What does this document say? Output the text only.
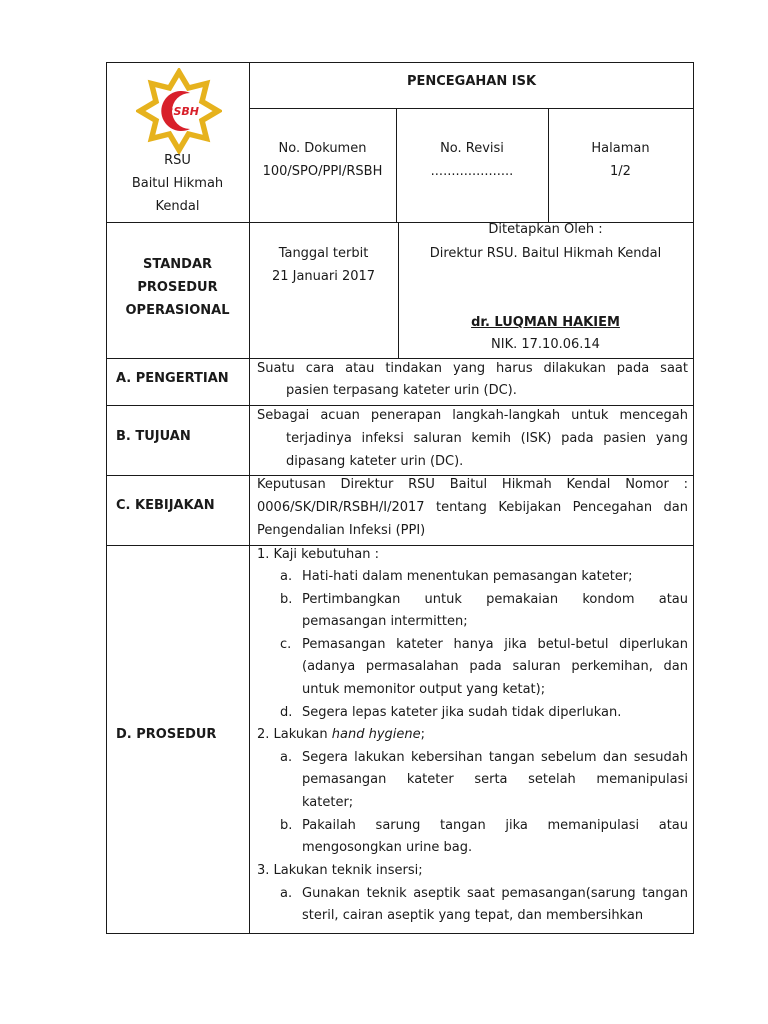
RSBH
RSU
Baitul Hikmah
Kendal
PENCEGAHAN ISK
No. Dokumen
100/SPO/PPI/RSBH
No. Revisi
....................
Halaman
1/2
STANDAR
PROSEDUR
OPERASIONAL
Tanggal terbit
21 Januari 2017
Ditetapkan Oleh :
Direktur RSU. Baitul Hikmah Kendal
dr. LUQMAN HAKIEM
NIK. 17.10.06.14
A. PENGERTIAN
Suatu cara atau tindakan yang harus dilakukan pada saat
pasien terpasang kateter urin (DC).
B. TUJUAN
Sebagai acuan penerapan langkah-langkah untuk mencegah
terjadinya infeksi saluran kemih (ISK) pada pasien yang
dipasang kateter urin (DC).
C. KEBIJAKAN
Keputusan Direktur RSU Baitul Hikmah Kendal Nomor :
0006/SK/DIR/RSBH/I/2017 tentang Kebijakan Pencegahan dan
Pengendalian Infeksi (PPI)
D. PROSEDUR
1. Kaji kebutuhan :
a. Hati-hati dalam menentukan pemasangan kateter;
b. Pertimbangkan untuk pemakaian kondom atau
pemasangan intermitten;
c. Pemasangan kateter hanya jika betul-betul diperlukan
(adanya permasalahan pada saluran perkemihan, dan
untuk memonitor output yang ketat);
d. Segera lepas kateter jika sudah tidak diperlukan.
2. Lakukan hand hygiene;
a. Segera lakukan kebersihan tangan sebelum dan sesudah
pemasangan kateter serta setelah memanipulasi
kateter;
b. Pakailah sarung tangan jika memanipulasi atau
mengosongkan urine bag.
3. Lakukan teknik insersi;
a. Gunakan teknik aseptik saat pemasangan(sarung tangan
steril, cairan aseptik yang tepat, dan membersihkan
